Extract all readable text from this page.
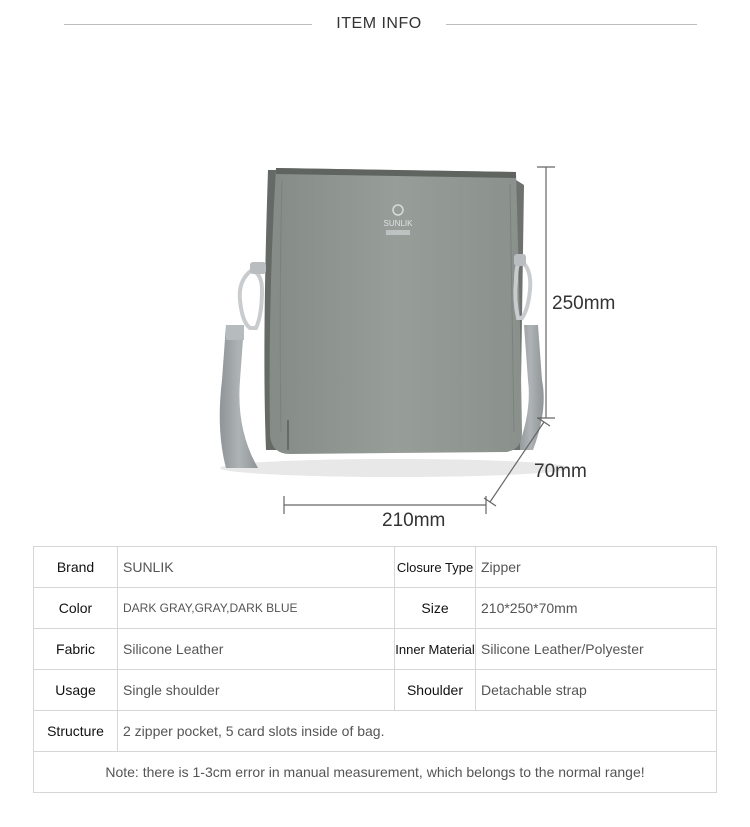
ITEM INFO
SUNLIK
250mm
70mm
210mm
Brand	SUNLIK	Closure Type	Zipper
Color	DARK GRAY,GRAY,DARK BLUE	Size	210*250*70mm
Fabric	Silicone Leather	Inner Material	Silicone Leather/Polyester
Usage	Single shoulder	Shoulder	Detachable strap
Structure	2 zipper pocket, 5 card slots inside of bag.		
Note: there is 1-3cm error in manual measurement, which belongs to the normal range!			
